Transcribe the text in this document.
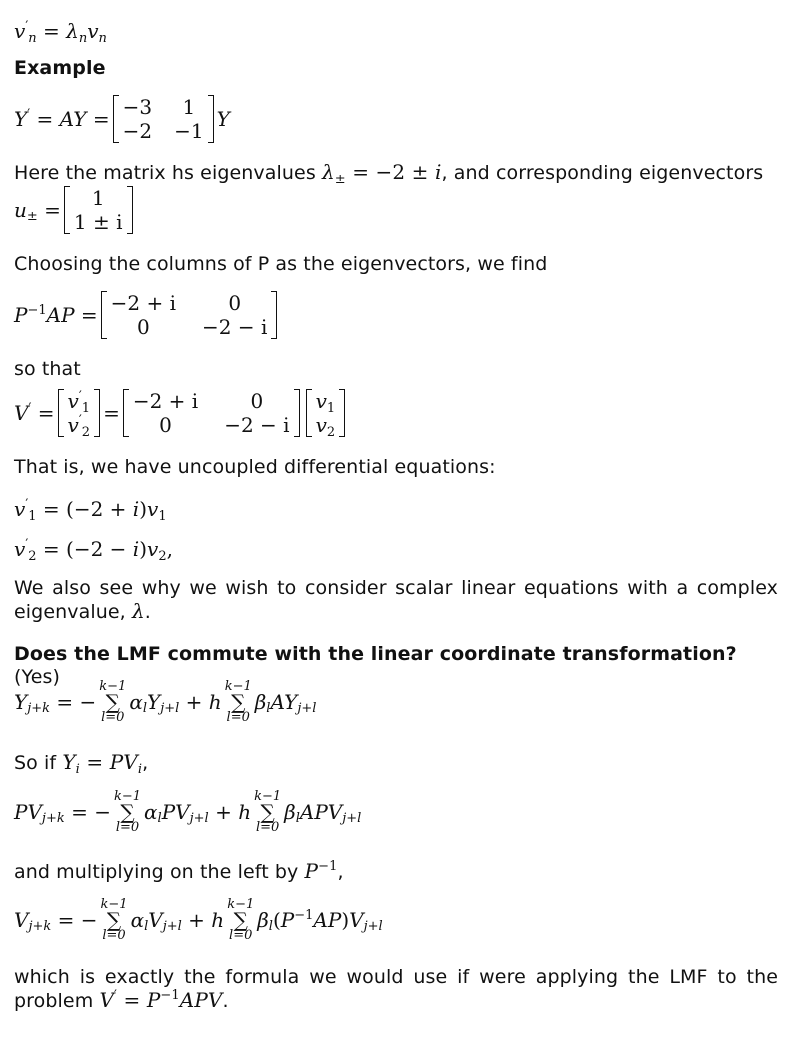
$v'_n = \lambda_nv_n$
Example
Y′ = AY = −3	1
−2 −1
Y
Here the matrix hs eigenvalues $\lambda_\pm = -2 \pm i$, and corresponding eigenvectors
$u_\pm$ =	1
1 ± i
Choosing the columns of P as the eigenvectors, we find
$P^{-1}AP = -2 + i$	0
0	−2 − i
so that
$V' = v'_1$
$v'_2$
= −2 + i	0
0	−2 − i
$v_1$
$v_2$
That is, we have uncoupled differential equations:
$v'_1 = (-2 + i)v_1$
$v'_2 = (-2 - i)v_2$,
We also see why we wish to consider scalar linear equations with a complex eigenvalue, λ.
Does the LMF commute with the linear coordinate transformation? (Yes)
$Y_{j+k}$ = −
k−1
∑
l=0
$\alpha_lY_{j+l} + h$
k−1
∑
l=0
$\beta_lAY_{j+l}$
So if $Y_i = PV_i$,
$PV_{j+k}$ = −
k−1
∑
l=0
$\alpha_lPV_{j+l} + h$
k−1
∑
l=0
$\beta_lAPV_{j+l}$
and multiplying on the left by $P^{-1}$,
$V_{j+k}$ = −
k−1
∑
l=0
$\alpha_lV_{j+l} + h$
k−1
∑
l=0
$\beta_l(P^{-1}AP)V_{j+l}$
which is exactly the formula we would use if were applying the LMF to the problem $V' = P^{-1}APV$.
